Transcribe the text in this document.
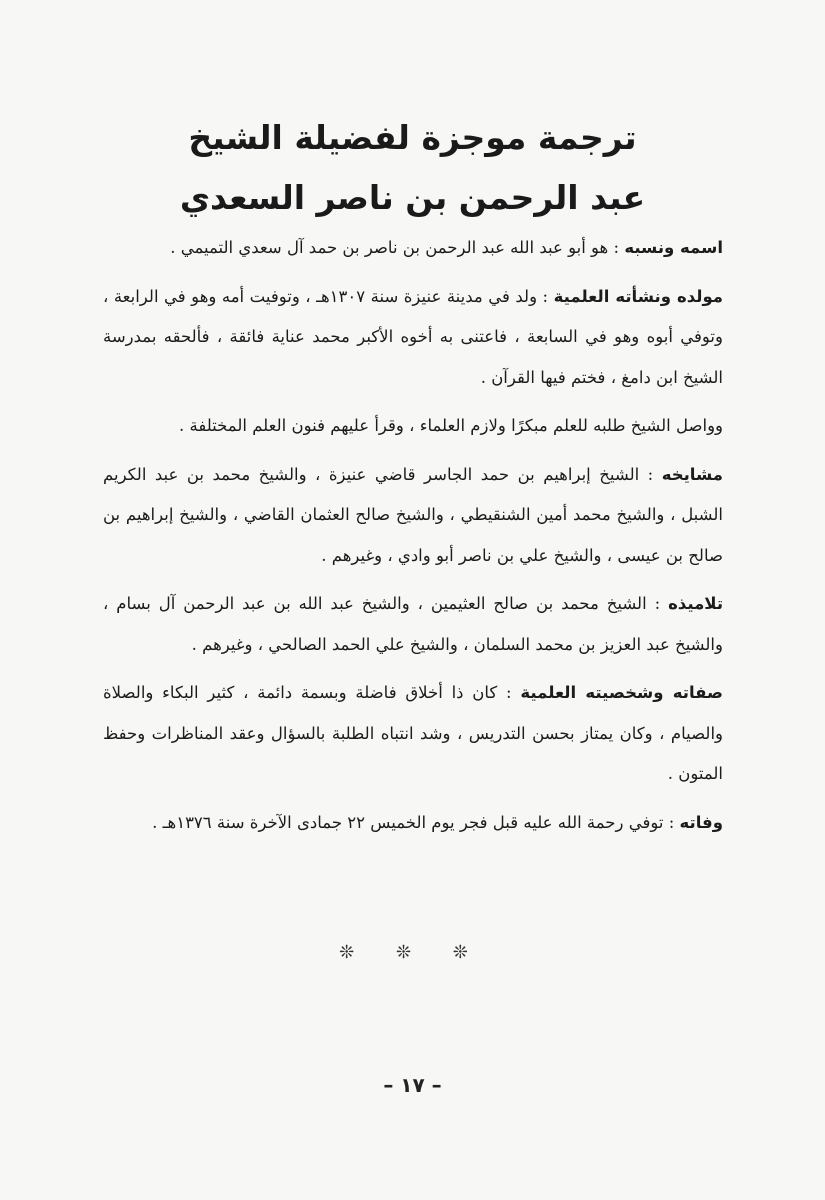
ترجمة موجزة لفضيلة الشيخ
عبد الرحمن بن ناصر السعدي

اسمه ونسبه : هو أبو عبد الله عبد الرحمن بن ناصر بن حمد آل سعدي التميمي .

مولده ونشأته العلمية : ولد في مدينة عنيزة سنة ١٣٠٧هـ ، وتوفيت أمه وهو في الرابعة ، وتوفي أبوه وهو في السابعة ، فاعتنى به أخوه الأكبر محمد عناية فائقة ، فألحقه بمدرسة الشيخ ابن دامغ ، فختم فيها القرآن .

وواصل الشيخ طلبه للعلم مبكرًا ولازم العلماء ، وقرأ عليهم فنون العلم المختلفة .

مشايخه : الشيخ إبراهيم بن حمد الجاسر قاضي عنيزة ، والشيخ محمد بن عبد الكريم الشبل ، والشيخ محمد أمين الشنقيطي ، والشيخ صالح العثمان القاضي ، والشيخ إبراهيم بن صالح بن عيسى ، والشيخ علي بن ناصر أبو وادي ، وغيرهم .

تلاميذه : الشيخ محمد بن صالح العثيمين ، والشيخ عبد الله بن عبد الرحمن آل بسام ، والشيخ عبد العزيز بن محمد السلمان ، والشيخ علي الحمد الصالحي ، وغيرهم .

صفاته وشخصيته العلمية : كان ذا أخلاق فاضلة وبسمة دائمة ، كثير البكاء والصلاة والصيام ، وكان يمتاز بحسن التدريس ، وشد انتباه الطلبة بالسؤال وعقد المناظرات وحفظ المتون .

وفاته : توفي رحمة الله عليه قبل فجر يوم الخميس ٢٢ جمادى الآخرة سنة ١٣٧٦هـ .

❊ ❊ ❊
– ١٧ –
